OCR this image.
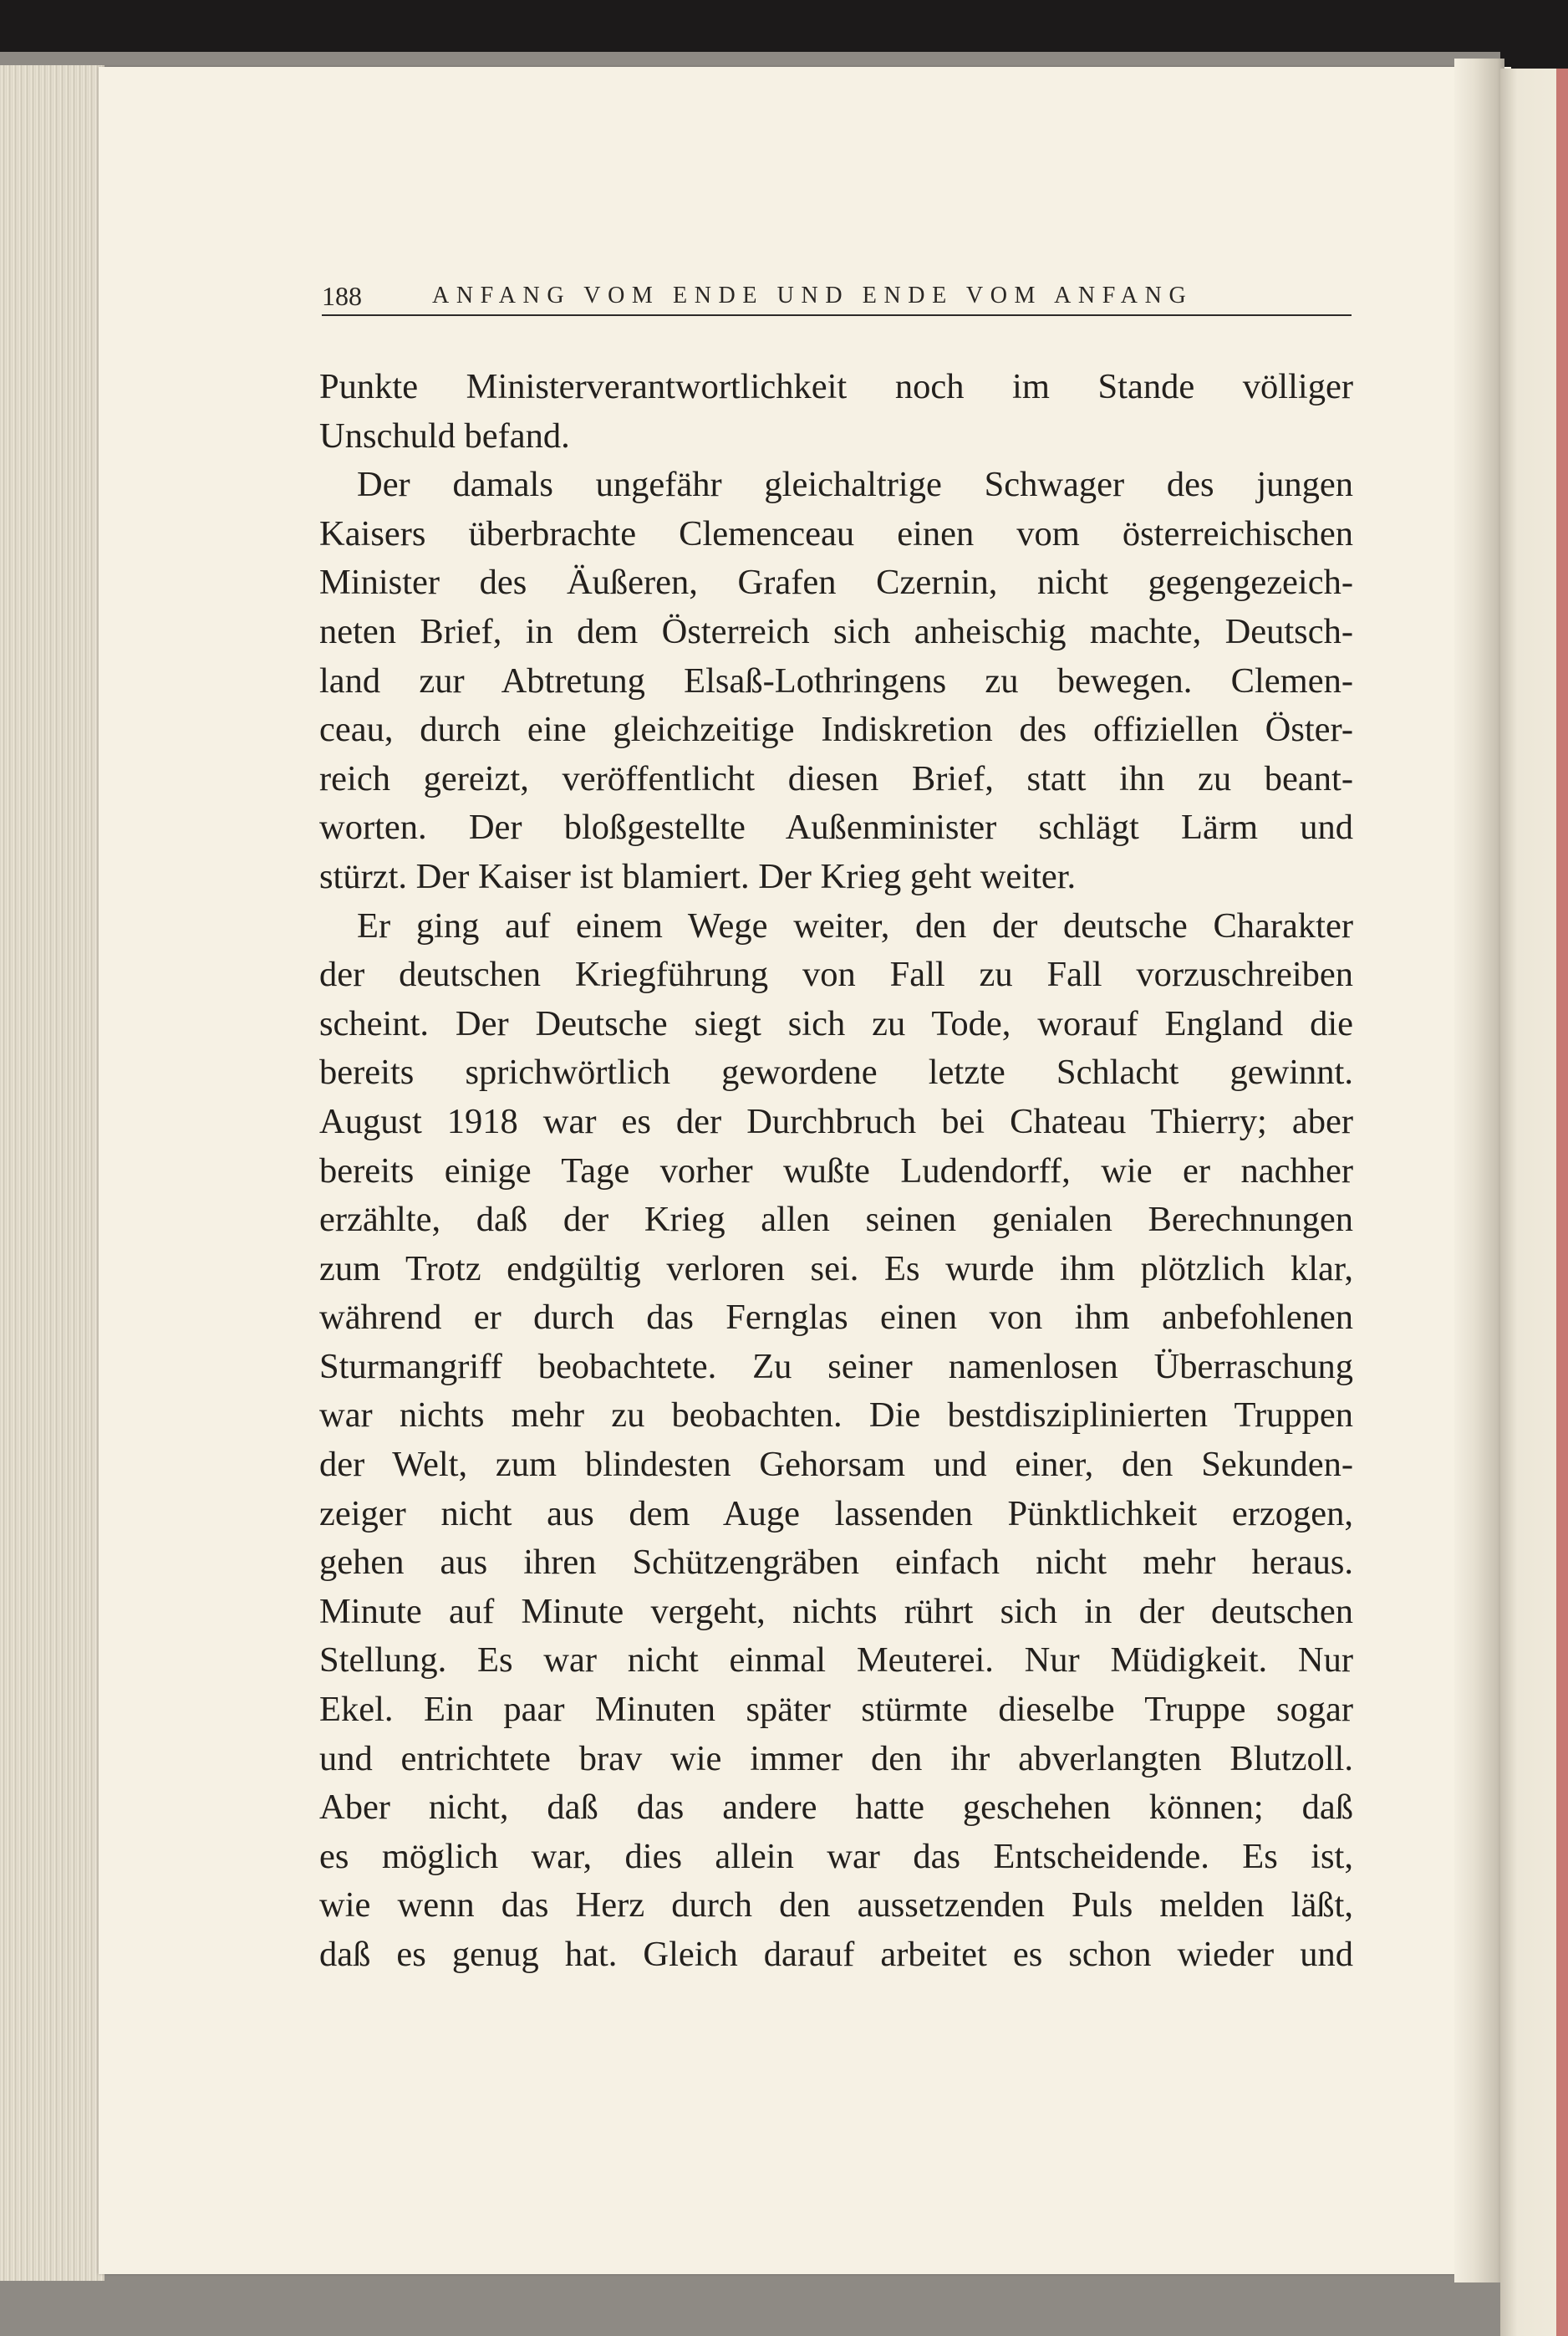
188	ANFANG VOM ENDE UND ENDE VOM ANFANG
Punkte Ministerverantwortlichkeit noch im Stande völliger
Unschuld befand.
Der damals ungefähr gleichaltrige Schwager des jungen
Kaisers überbrachte Clemenceau einen vom österreichischen
Minister des Äußeren, Grafen Czernin, nicht gegengezeich-
neten Brief, in dem Österreich sich anheischig machte, Deutsch-
land zur Abtretung Elsaß-Lothringens zu bewegen. Clemen-
ceau, durch eine gleichzeitige Indiskretion des offiziellen Öster-
reich gereizt, veröffentlicht diesen Brief, statt ihn zu beant-
worten. Der bloßgestellte Außenminister schlägt Lärm und
stürzt. Der Kaiser ist blamiert. Der Krieg geht weiter.
Er ging auf einem Wege weiter, den der deutsche Charakter
der deutschen Kriegführung von Fall zu Fall vorzuschreiben
scheint. Der Deutsche siegt sich zu Tode, worauf England die
bereits sprichwörtlich gewordene letzte Schlacht gewinnt.
August 1918 war es der Durchbruch bei Chateau Thierry; aber
bereits einige Tage vorher wußte Ludendorff, wie er nachher
erzählte, daß der Krieg allen seinen genialen Berechnungen
zum Trotz endgültig verloren sei. Es wurde ihm plötzlich klar,
während er durch das Fernglas einen von ihm anbefohlenen
Sturmangriff beobachtete. Zu seiner namenlosen Überraschung
war nichts mehr zu beobachten. Die bestdisziplinierten Truppen
der Welt, zum blindesten Gehorsam und einer, den Sekunden-
zeiger nicht aus dem Auge lassenden Pünktlichkeit erzogen,
gehen aus ihren Schützengräben einfach nicht mehr heraus.
Minute auf Minute vergeht, nichts rührt sich in der deutschen
Stellung. Es war nicht einmal Meuterei. Nur Müdigkeit. Nur
Ekel. Ein paar Minuten später stürmte dieselbe Truppe sogar
und entrichtete brav wie immer den ihr abverlangten Blutzoll.
Aber nicht, daß das andere hatte geschehen können; daß
es möglich war, dies allein war das Entscheidende. Es ist,
wie wenn das Herz durch den aussetzenden Puls melden läßt,
daß es genug hat. Gleich darauf arbeitet es schon wieder und
